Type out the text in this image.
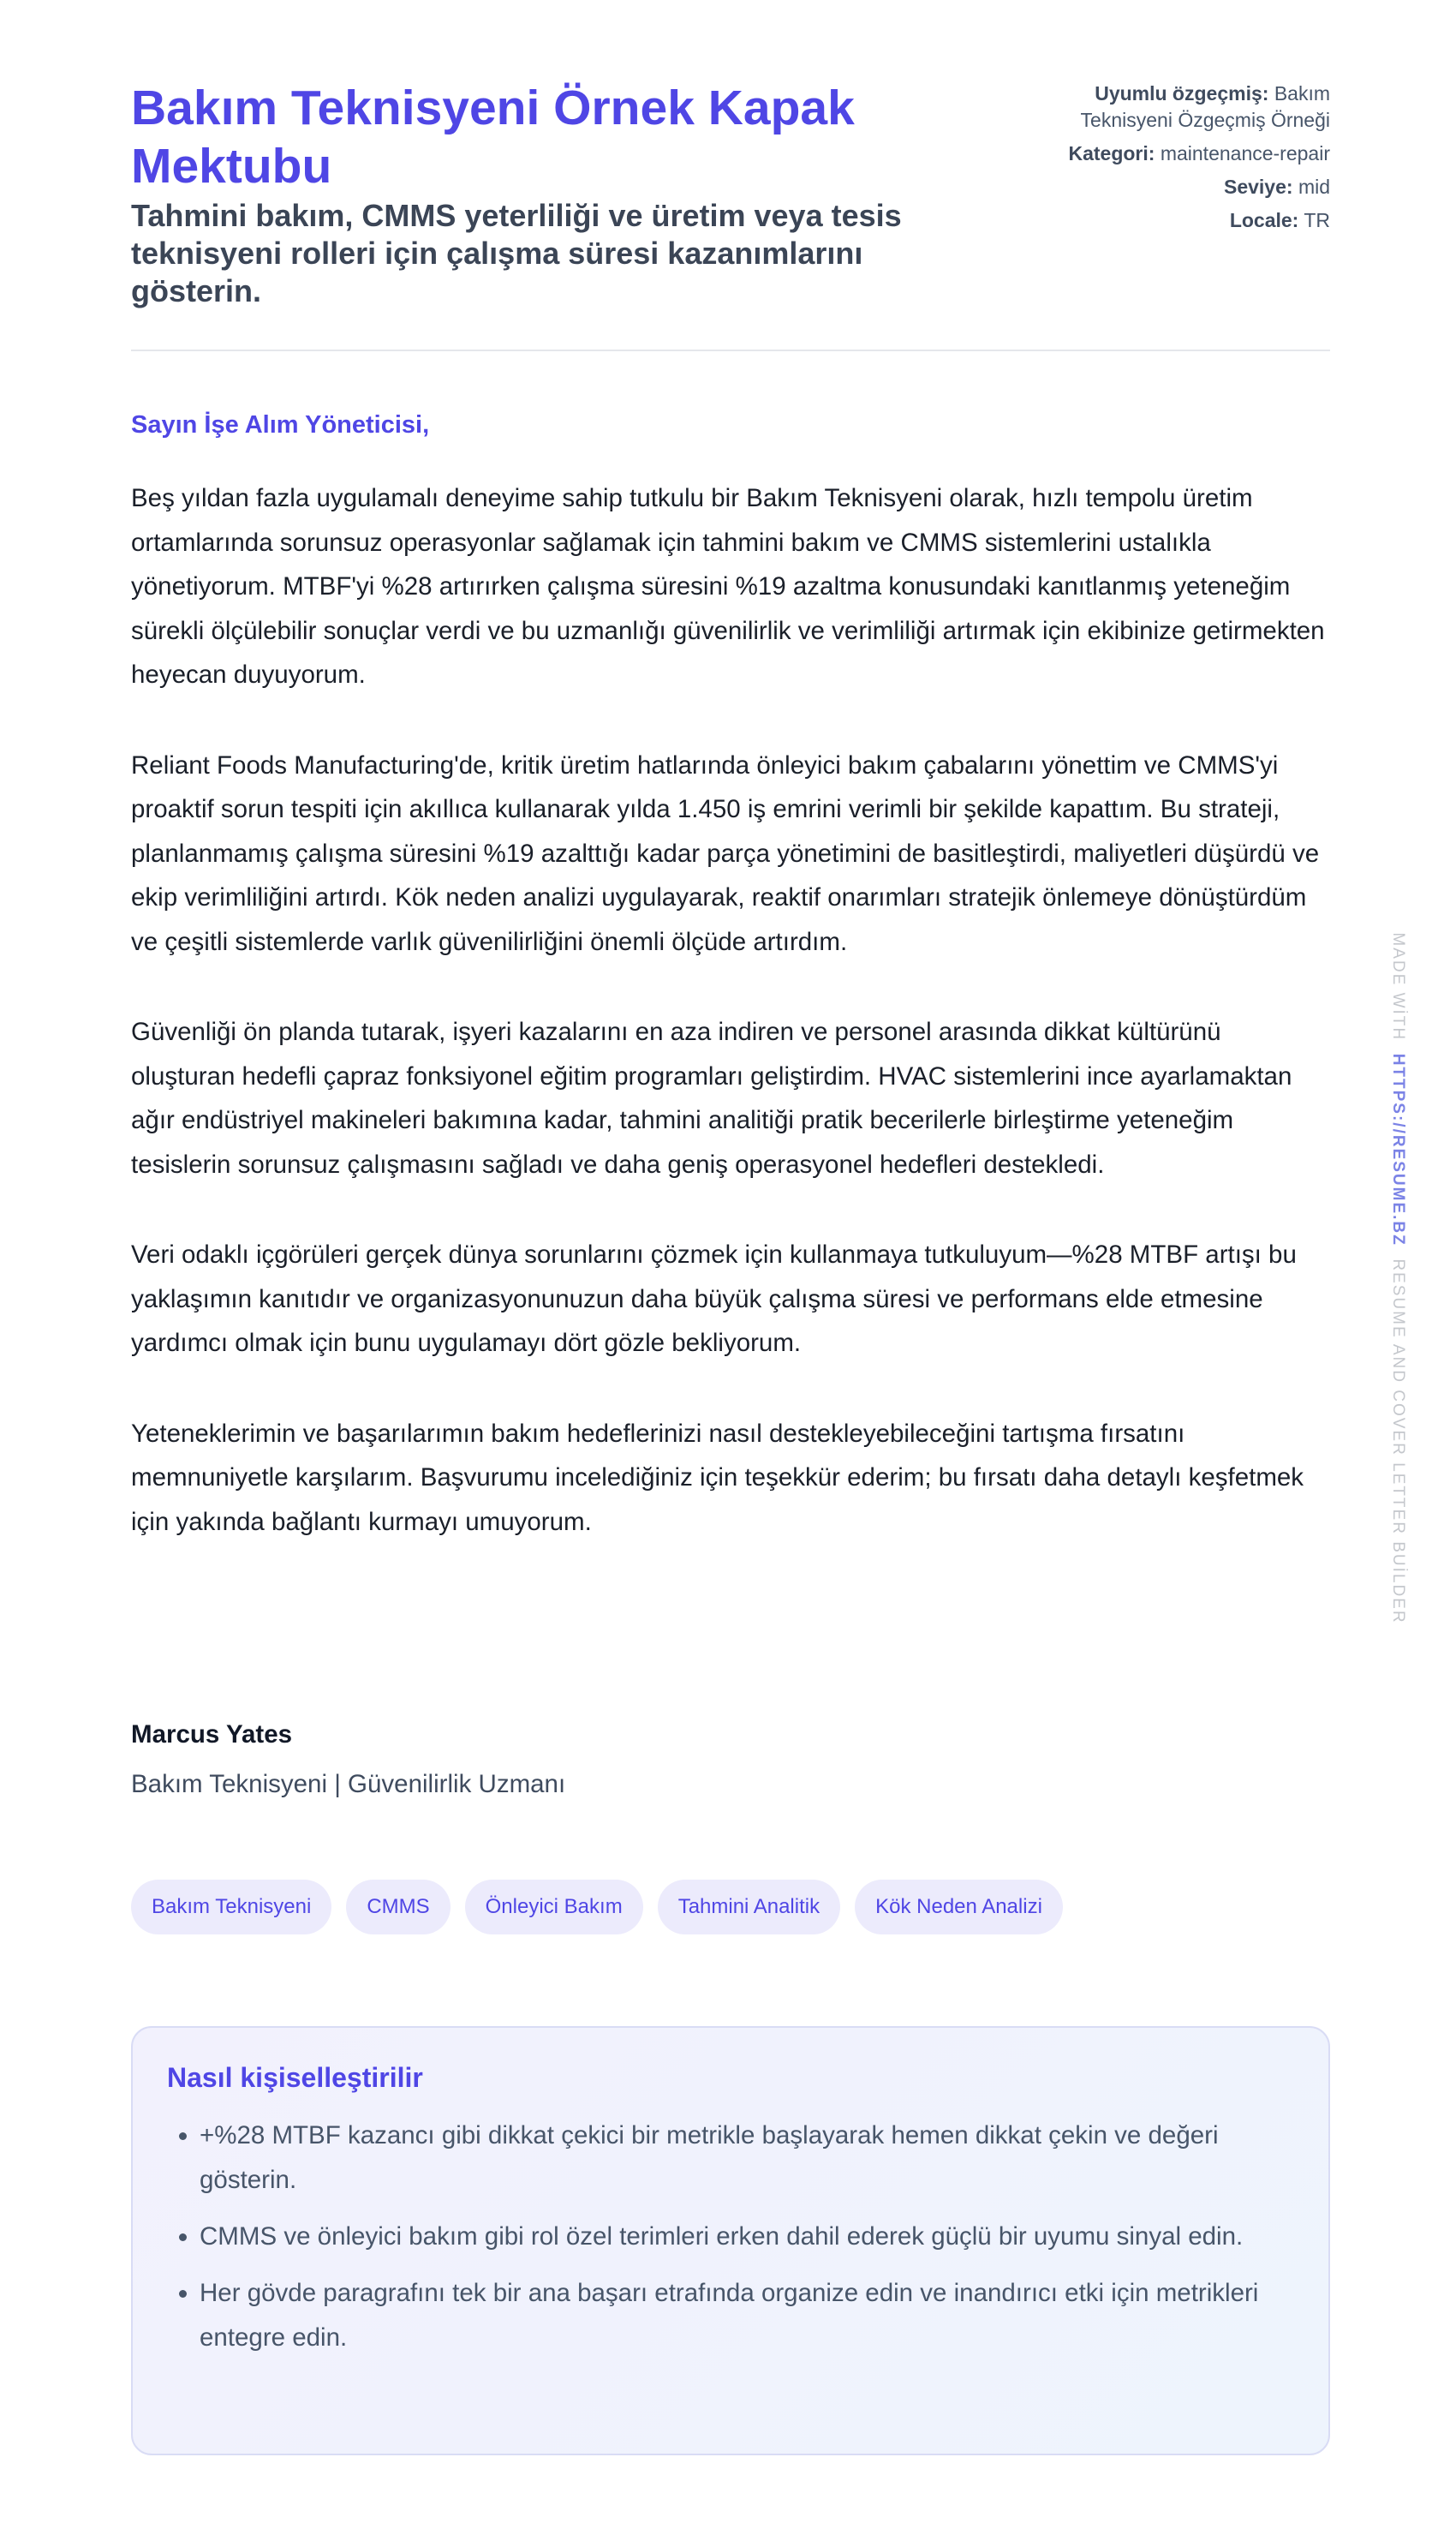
Bakım Teknisyeni Örnek Kapak Mektubu
Tahmini bakım, CMMS yeterliliği ve üretim veya tesis teknisyeni rolleri için çalışma süresi kazanımlarını gösterin.
Uyumlu özgeçmiş: Bakım Teknisyeni Özgeçmiş Örneği
Kategori: maintenance-repair
Seviye: mid
Locale: TR
Sayın İşe Alım Yöneticisi,

Beş yıldan fazla uygulamalı deneyime sahip tutkulu bir Bakım Teknisyeni olarak, hızlı tempolu üretim ortamlarında sorunsuz operasyonlar sağlamak için tahmini bakım ve CMMS sistemlerini ustalıkla yönetiyorum. MTBF'yi %28 artırırken çalışma süresini %19 azaltma konusundaki kanıtlanmış yeteneğim sürekli ölçülebilir sonuçlar verdi ve bu uzmanlığı güvenilirlik ve verimliliği artırmak için ekibinize getirmekten heyecan duyuyorum.

Reliant Foods Manufacturing'de, kritik üretim hatlarında önleyici bakım çabalarını yönettim ve CMMS'yi proaktif sorun tespiti için akıllıca kullanarak yılda 1.450 iş emrini verimli bir şekilde kapattım. Bu strateji, planlanmamış çalışma süresini %19 azalttığı kadar parça yönetimini de basitleştirdi, maliyetleri düşürdü ve ekip verimliliğini artırdı. Kök neden analizi uygulayarak, reaktif onarımları stratejik önlemeye dönüştürdüm ve çeşitli sistemlerde varlık güvenilirliğini önemli ölçüde artırdım.

Güvenliği ön planda tutarak, işyeri kazalarını en aza indiren ve personel arasında dikkat kültürünü oluşturan hedefli çapraz fonksiyonel eğitim programları geliştirdim. HVAC sistemlerini ince ayarlamaktan ağır endüstriyel makineleri bakımına kadar, tahmini analitiği pratik becerilerle birleştirme yeteneğim tesislerin sorunsuz çalışmasını sağladı ve daha geniş operasyonel hedefleri destekledi.

Veri odaklı içgörüleri gerçek dünya sorunlarını çözmek için kullanmaya tutkuluyum—%28 MTBF artışı bu yaklaşımın kanıtıdır ve organizasyonunuzun daha büyük çalışma süresi ve performans elde etmesine yardımcı olmak için bunu uygulamayı dört gözle bekliyorum.

Yeteneklerimin ve başarılarımın bakım hedeflerinizi nasıl destekleyebileceğini tartışma fırsatını memnuniyetle karşılarım. Başvurumu incelediğiniz için teşekkür ederim; bu fırsatı daha detaylı keşfetmek için yakında bağlantı kurmayı umuyorum.

Marcus Yates
Bakım Teknisyeni | Güvenilirlik Uzmanı
Bakım Teknisyeni	CMMS	Önleyici Bakım	Tahmini Analitik	Kök Neden Analizi
Nasıl kişiselleştirilir
• +%28 MTBF kazancı gibi dikkat çekici bir metrikle başlayarak hemen dikkat çekin ve değeri gösterin.
• CMMS ve önleyici bakım gibi rol özel terimleri erken dahil ederek güçlü bir uyumu sinyal edin.
• Her gövde paragrafını tek bir ana başarı etrafında organize edin ve inandırıcı etki için metrikleri entegre edin.
MADE WİTH  HTTPS://RESUME.BZ  RESUME AND COVER LETTER BUİLDER
